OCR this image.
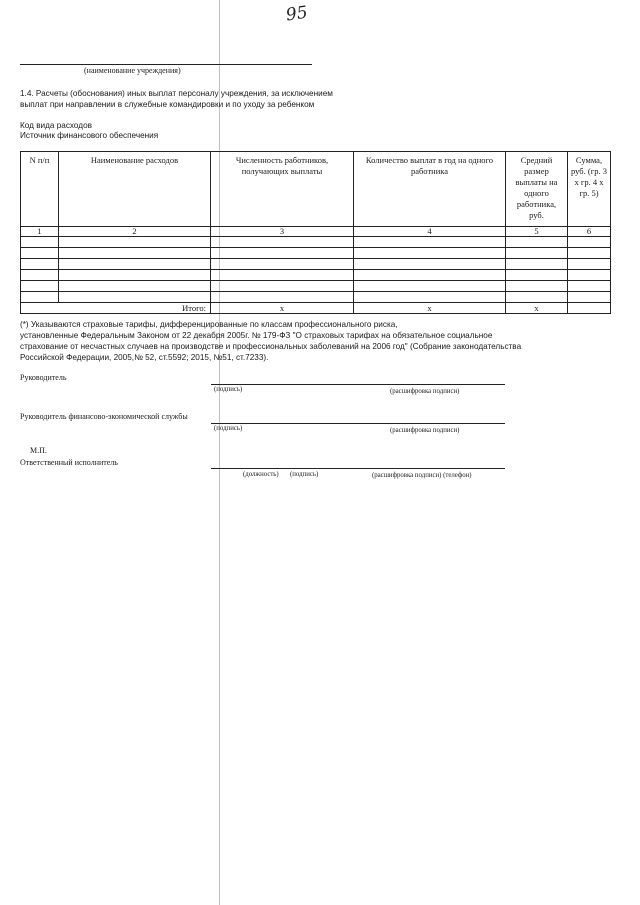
95
(наименование учреждения)
1.4. Расчеты (обоснования) иных выплат персоналу учреждения, за исключением
выплат при направлении в служебные командировки и по уходу за ребенком
Код вида расходов
Источник финансового обеспечения
N п/п	Наименование расходов	Численность работников, получающих выплаты	Количество выплат в год на одного работника	Средний размер выплаты на одного работника, руб.	Сумма, руб. (гр. 3 х гр. 4 х гр. 5)
1	2	3	4	5	6

Итого:		х	х	х	
(*) Указываются страховые тарифы, дифференцированные по классам профессионального риска,
установленные Федеральным Законом от 22 декабря 2005г. № 179-ФЗ "О страховых тарифах на обязательное социальное
страхование от несчастных случаев на производстве и профессиональных заболеваний на 2006 год" (Собрание законодательства
Российской Федерации, 2005,№ 52, ст.5592; 2015, №51, ст.7233).
Руководитель
(подпись)	(расшифровка подписи)
Руководитель финансово-экономической службы
(подпись)	(расшифровка подписи)
М.П.
Ответственный исполнитель
(должность) (подпись)	(расшифровка подписи) (телефон)
